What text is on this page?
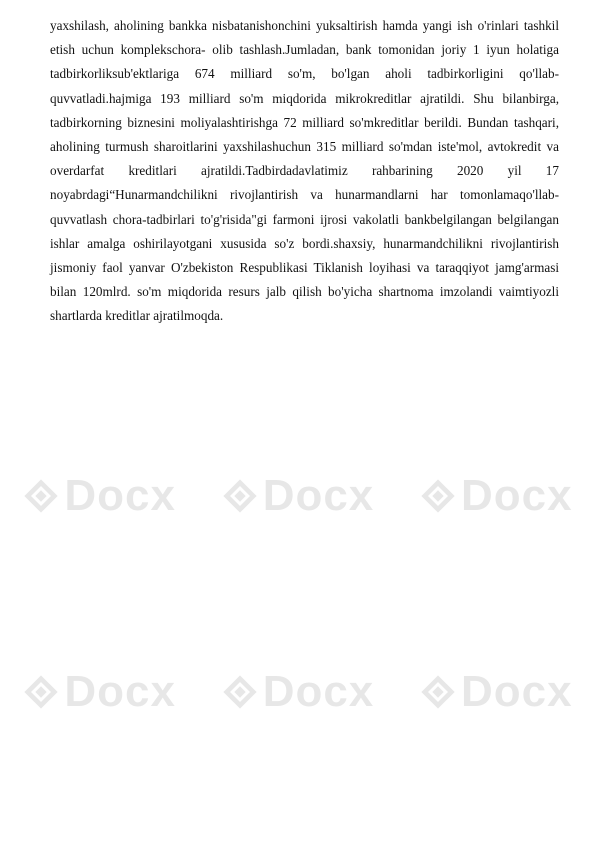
yaxshilash, aholining bankka nisbatanishonchini yuksaltirish hamda yangi ish o'rinlari tashkil etish uchun komplekschora- olib tashlash.Jumladan, bank tomonidan joriy 1 iyun holatiga tadbirkorliksub'ektlariga 674 milliard so'm, bo'lgan aholi tadbirkorligini qo'llab-quvvatladi.hajmiga 193 milliard so'm miqdorida mikrokreditlar ajratildi. Shu bilanbirga, tadbirkorning biznesini moliyalashtirishga 72 milliard so'mkreditlar berildi. Bundan tashqari, aholining turmush sharoitlarini yaxshilashuchun 315 milliard so'mdan iste'mol, avtokredit va overdarfat kreditlari ajratildi.Tadbirdadavlatimiz rahbarining 2020 yil 17 noyabrdagi“Hunarmandchilikni rivojlantirish va hunarmandlarni har tomonlamaqo'llab-quvvatlash chora-tadbirlari to'g'risida"gi farmoni ijrosi vakolatli bankbelgilangan belgilangan ishlar amalga oshirilayotgani xususida so'z bordi.shaxsiy, hunarmandchilikni rivojlantirish jismoniy faol yanvar O'zbekiston Respublikasi Tiklanish loyihasi va taraqqiyot jamg'armasi bilan 120mlrd. so'm miqdorida resurs jalb qilish bo'yicha shartnoma imzolandi vaimtiyozli shartlarda kreditlar ajratilmoqda.

Docx Docx Docx
Docx Docx Docx
